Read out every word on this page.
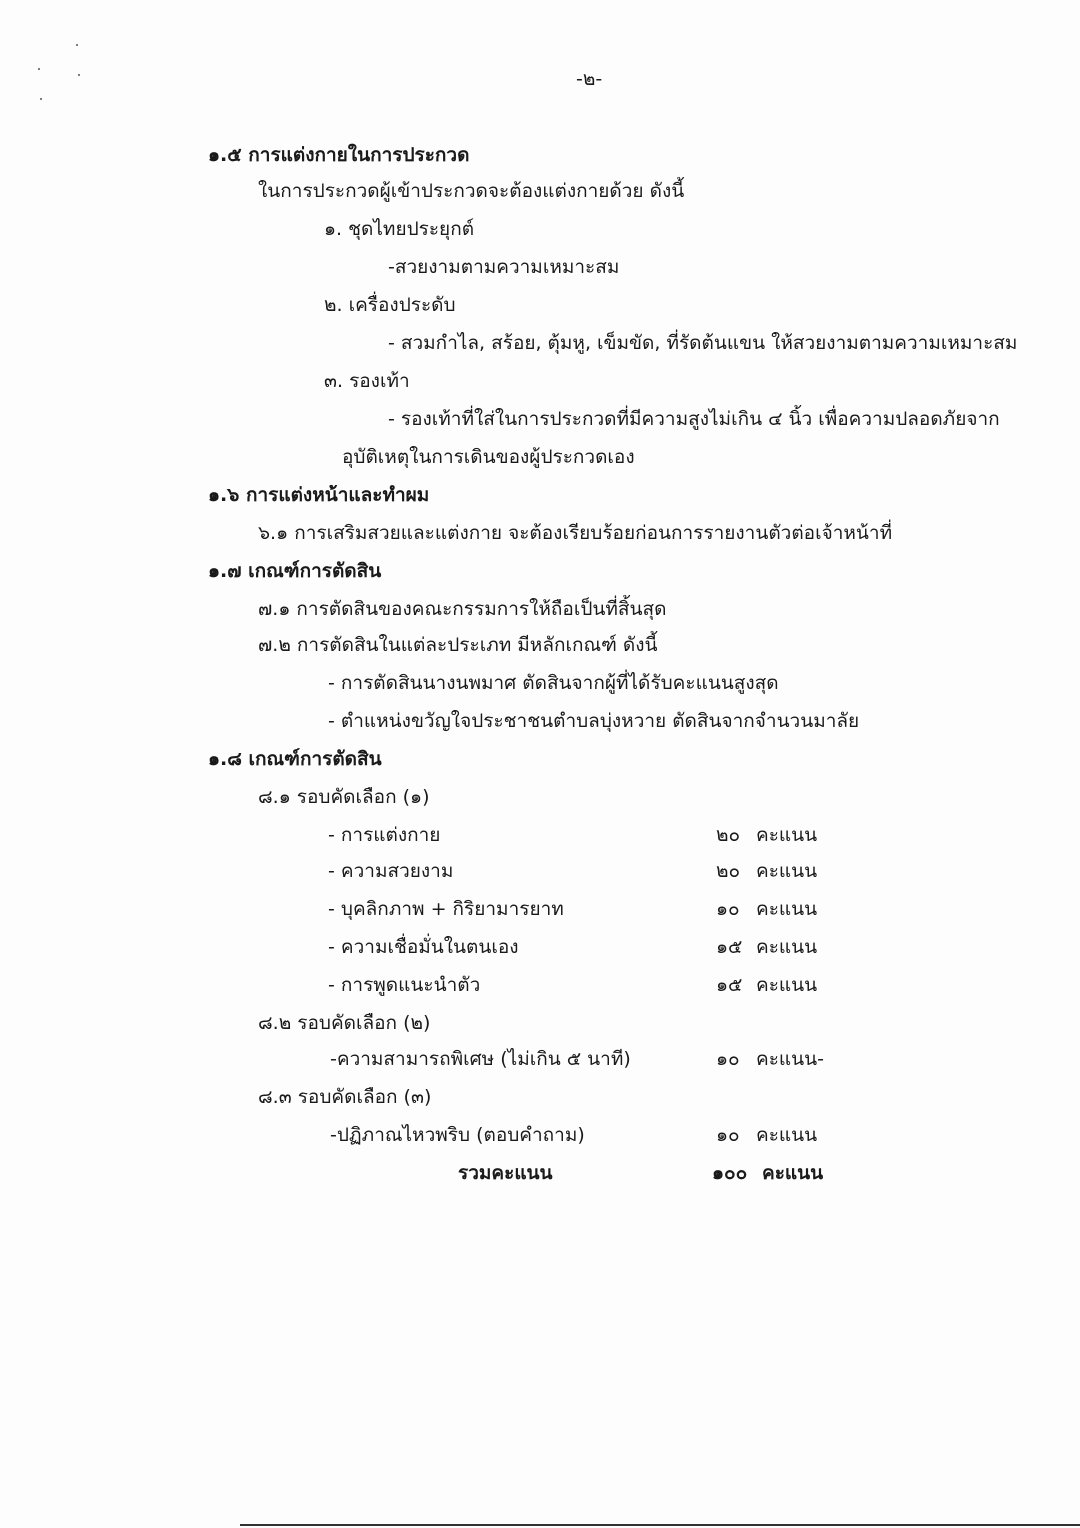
-๒-
๑.๕ การแต่งกายในการประกวด
ในการประกวดผู้เข้าประกวดจะต้องแต่งกายด้วย ดังนี้
๑. ชุดไทยประยุกต์
-สวยงามตามความเหมาะสม
๒. เครื่องประดับ
- สวมกำไล, สร้อย, ตุ้มหู, เข็มขัด, ที่รัดต้นแขน ให้สวยงามตามความเหมาะสม
๓. รองเท้า
- รองเท้าที่ใส่ในการประกวดที่มีความสูงไม่เกิน ๔ นิ้ว เพื่อความปลอดภัยจาก
อุบัติเหตุในการเดินของผู้ประกวดเอง
๑.๖ การแต่งหน้าและทำผม
๖.๑ การเสริมสวยและแต่งกาย จะต้องเรียบร้อยก่อนการรายงานตัวต่อเจ้าหน้าที่
๑.๗ เกณฑ์การตัดสิน
๗.๑ การตัดสินของคณะกรรมการให้ถือเป็นที่สิ้นสุด
๗.๒ การตัดสินในแต่ละประเภท มีหลักเกณฑ์ ดังนี้
- การตัดสินนางนพมาศ ตัดสินจากผู้ที่ได้รับคะแนนสูงสุด
- ตำแหน่งขวัญใจประชาชนตำบลบุ่งหวาย ตัดสินจากจำนวนมาลัย
๑.๘ เกณฑ์การตัดสิน
๘.๑ รอบคัดเลือก (๑)
- การแต่งกาย	๒๐ คะแนน
- ความสวยงาม	๒๐ คะแนน
- บุคลิกภาพ + กิริยามารยาท	๑๐ คะแนน
- ความเชื่อมั่นในตนเอง	๑๕ คะแนน
- การพูดแนะนำตัว	๑๕ คะแนน
๘.๒ รอบคัดเลือก (๒)
-ความสามารถพิเศษ (ไม่เกิน ๕ นาที)	๑๐ คะแนน-
๘.๓ รอบคัดเลือก (๓)
-ปฏิภาณไหวพริบ (ตอบคำถาม)	๑๐ คะแนน
รวมคะแนน	๑๐๐ คะแนน
